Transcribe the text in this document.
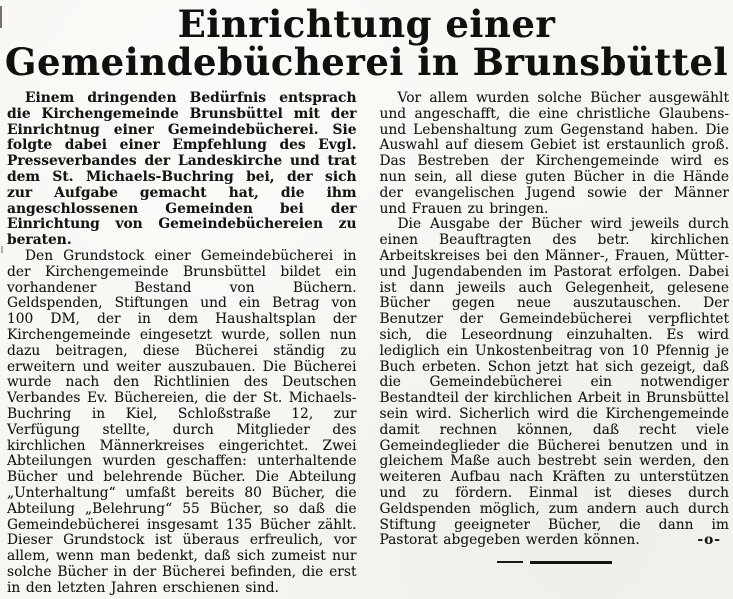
Einrichtung einer
Gemeindebücherei in Brunsbüttel

Einem dringenden Bedürfnis entsprach die Kirchengemeinde Brunsbüttel mit der Einrichtnug einer Gemeindebücherei. Sie folgte dabei einer Empfehlung des Evgl. Presseverbandes der Landeskirche und trat dem St. Michaels-Buchring bei, der sich zur Aufgabe gemacht hat, die ihm angeschlossenen Gemeinden bei der Einrichtung von Gemeindebüchereien zu beraten.

Den Grundstock einer Gemeindebücherei in der Kirchengemeinde Brunsbüttel bildet ein vorhandener Bestand von Büchern. Geldspenden, Stiftungen und ein Betrag von 100 DM, der in dem Haushaltsplan der Kirchengemeinde eingesetzt wurde, sollen nun dazu beitragen, diese Bücherei ständig zu erweitern und weiter auszubauen. Die Bücherei wurde nach den Richtlinien des Deutschen Verbandes Ev. Büchereien, die der St. Michaels-Buchring in Kiel, Schloßstraße 12, zur Verfügung stellte, durch Mitglieder des kirchlichen Männerkreises eingerichtet. Zwei Abteilungen wurden geschaffen: unterhaltende Bücher und belehrende Bücher. Die Abteilung „Unterhaltung“ umfaßt bereits 80 Bücher, die Abteilung „Belehrung“ 55 Bücher, so daß die Gemeindebücherei insgesamt 135 Bücher zählt. Dieser Grundstock ist überaus erfreulich, vor allem, wenn man bedenkt, daß sich zumeist nur solche Bücher in der Bücherei befinden, die erst in den letzten Jahren erschienen sind.

Vor allem wurden solche Bücher ausgewählt und angeschafft, die eine christliche Glaubens- und Lebenshaltung zum Gegenstand haben. Die Auswahl auf diesem Gebiet ist erstaunlich groß. Das Bestreben der Kirchengemeinde wird es nun sein, all diese guten Bücher in die Hände der evangelischen Jugend sowie der Männer und Frauen zu bringen.

Die Ausgabe der Bücher wird jeweils durch einen Beauftragten des betr. kirchlichen Arbeitskreises bei den Männer-, Frauen, Mütter- und Jugendabenden im Pastorat erfolgen. Dabei ist dann jeweils auch Gelegenheit, gelesene Bücher gegen neue auszutauschen. Der Benutzer der Gemeindebücherei verpflichtet sich, die Leseordnung einzuhalten. Es wird lediglich ein Unkostenbeitrag von 10 Pfennig je Buch erbeten. Schon jetzt hat sich gezeigt, daß die Gemeindebücherei ein notwendiger Bestandteil der kirchlichen Arbeit in Brunsbüttel sein wird. Sicherlich wird die Kirchengemeinde damit rechnen können, daß recht viele Gemeindeglieder die Bücherei benutzen und in gleichem Maße auch bestrebt sein werden, den weiteren Aufbau nach Kräften zu unterstützen und zu fördern. Einmal ist dieses durch Geldspenden möglich, zum andern auch durch Stiftung geeigneter Bücher, die dann im Pastorat abgegeben werden können.	-o-
